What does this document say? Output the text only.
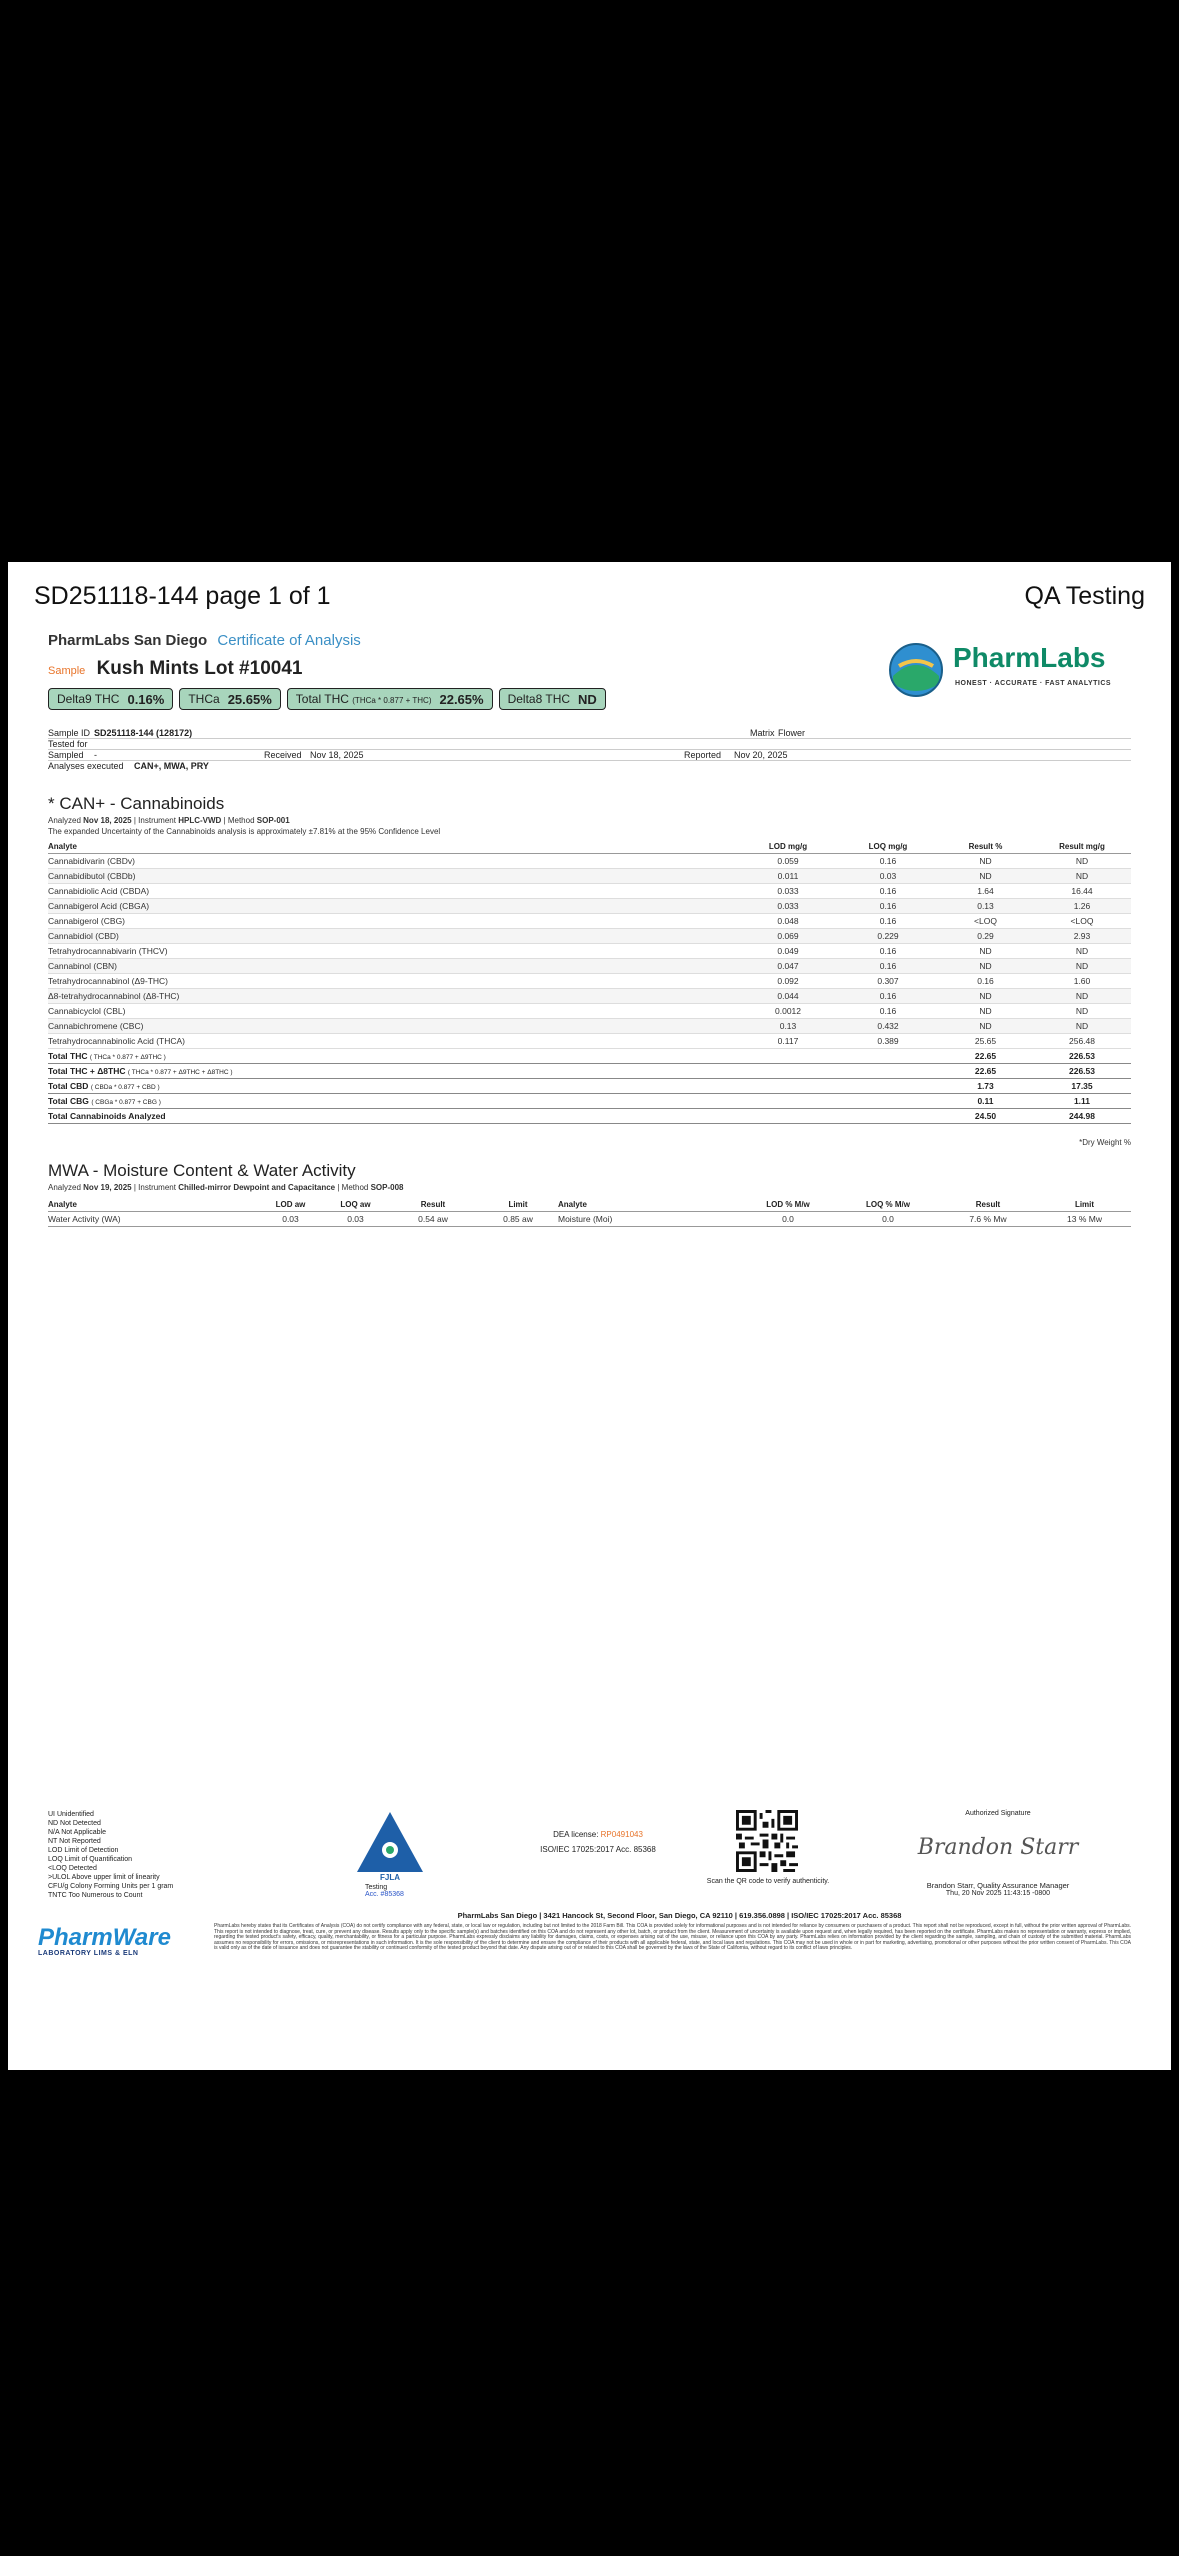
SD251118-144 page 1 of 1	QA Testing
PharmLabs San Diego Certificate of Analysis
Sample Kush Mints Lot #10041
Delta9 THC 0.16% THCa 25.65% Total THC (THCa * 0.877 + THC) 22.65% Delta8 THC ND
PharmLabs
HONEST · ACCURATE · FAST ANALYTICS
Sample ID SD251118-144 (128172)	Matrix Flower
Tested for
Sampled -	Received Nov 18, 2025	Reported Nov 20, 2025
Analyses executed CAN+, MWA, PRY
* CAN+ - Cannabinoids
Analyzed Nov 18, 2025 | Instrument HPLC-VWD | Method SOP-001
The expanded Uncertainty of the Cannabinoids analysis is approximately ±7.81% at the 95% Confidence Level
Analyte	LOD mg/g	LOQ mg/g	Result %	Result mg/g
Cannabidivarin (CBDv)	0.059	0.16	ND	ND
Cannabidibutol (CBDb)	0.011	0.03	ND	ND
Cannabidiolic Acid (CBDA)	0.033	0.16	1.64	16.44
Cannabigerol Acid (CBGA)	0.033	0.16	0.13	1.26
Cannabigerol (CBG)	0.048	0.16	<LOQ	<LOQ
Cannabidiol (CBD)	0.069	0.229	0.29	2.93
Tetrahydrocannabivarin (THCV)	0.049	0.16	ND	ND
Cannabinol (CBN)	0.047	0.16	ND	ND
Tetrahydrocannabinol (Δ9-THC)	0.092	0.307	0.16	1.60
Δ8-tetrahydrocannabinol (Δ8-THC)	0.044	0.16	ND	ND
Cannabicyclol (CBL)	0.0012	0.16	ND	ND
Cannabichromene (CBC)	0.13	0.432	ND	ND
Tetrahydrocannabinolic Acid (THCA)	0.117	0.389	25.65	256.48
Total THC ( THCa * 0.877 + Δ9THC )			22.65	226.53
Total THC + Δ8THC ( THCa * 0.877 + Δ9THC + Δ8THC )			22.65	226.53
Total CBD ( CBDa * 0.877 + CBD )			1.73	17.35
Total CBG ( CBGa * 0.877 + CBG )			0.11	1.11
Total Cannabinoids Analyzed			24.50	244.98
*Dry Weight %
MWA - Moisture Content & Water Activity
Analyzed Nov 19, 2025 | Instrument Chilled-mirror Dewpoint and Capacitance | Method SOP-008
Analyte	LOD aw	LOQ aw	Result	Limit	Analyte	LOD % M/w	LOQ % M/w	Result	Limit
Water Activity (WA)	0.03	0.03	0.54 aw	0.85 aw	Moisture (Moi)	0.0	0.0	7.6 % Mw	13 % Mw
UI Unidentified
ND Not Detected
N/A Not Applicable
NT Not Reported
LOD Limit of Detection
LOQ Limit of Quantification
<LOQ Detected
>ULOL Above upper limit of linearity
CFU/g Colony Forming Units per 1 gram
TNTC Too Numerous to Count
FJLA
Testing
Acc. #85368
DEA license: RP0491043
ISO/IEC 17025:2017 Acc. 85368
Scan the QR code to verify authenticity.
Authorized Signature
Brandon Starr
Brandon Starr, Quality Assurance Manager
Thu, 20 Nov 2025 11:43:15 -0800
PharmWare
LABORATORY LIMS & ELN
PharmLabs San Diego | 3421 Hancock St, Second Floor, San Diego, CA 92110 | 619.356.0898 | ISO/IEC 17025:2017 Acc. 85368
PharmLabs hereby states that its Certificates of Analysis (COA) do not certify compliance with any federal, state, or local law or regulation, including but not limited to the 2018 Farm Bill. This COA is provided solely for informational purposes and is not intended for reliance by consumers or purchasers of a product. This report shall not be reproduced, except in full, without the prior written approval of PharmLabs. This report is not intended to diagnose, treat, cure, or prevent any disease. Results apply only to the specific sample(s) and batches identified on this COA and do not represent any other lot, batch, or product from the client. Measurement of uncertainty is available upon request and, when legally required, has been reported on the certificate. PharmLabs makes no representation or warranty, express or implied, regarding the tested product's safety, efficacy, quality, merchantability, or fitness for a particular purpose. PharmLabs expressly disclaims any liability for damages, claims, costs, or expenses arising out of the use, misuse, or reliance upon this COA by any party. PharmLabs relies on information provided by the client regarding the sample, sampling, and chain of custody of the submitted material. PharmLabs assumes no responsibility for errors, omissions, or misrepresentations in such information. It is the sole responsibility of the client to determine and ensure the compliance of their products with all applicable federal, state, and local laws and regulations. This COA may not be used in whole or in part for marketing, advertising, promotional or other purposes without the prior written consent of PharmLabs. This COA is valid only as of the date of issuance and does not guarantee the stability or continued conformity of the tested product beyond that date. Any dispute arising out of or related to this COA shall be governed by the laws of the State of California, without regard to its conflict of laws principles.
